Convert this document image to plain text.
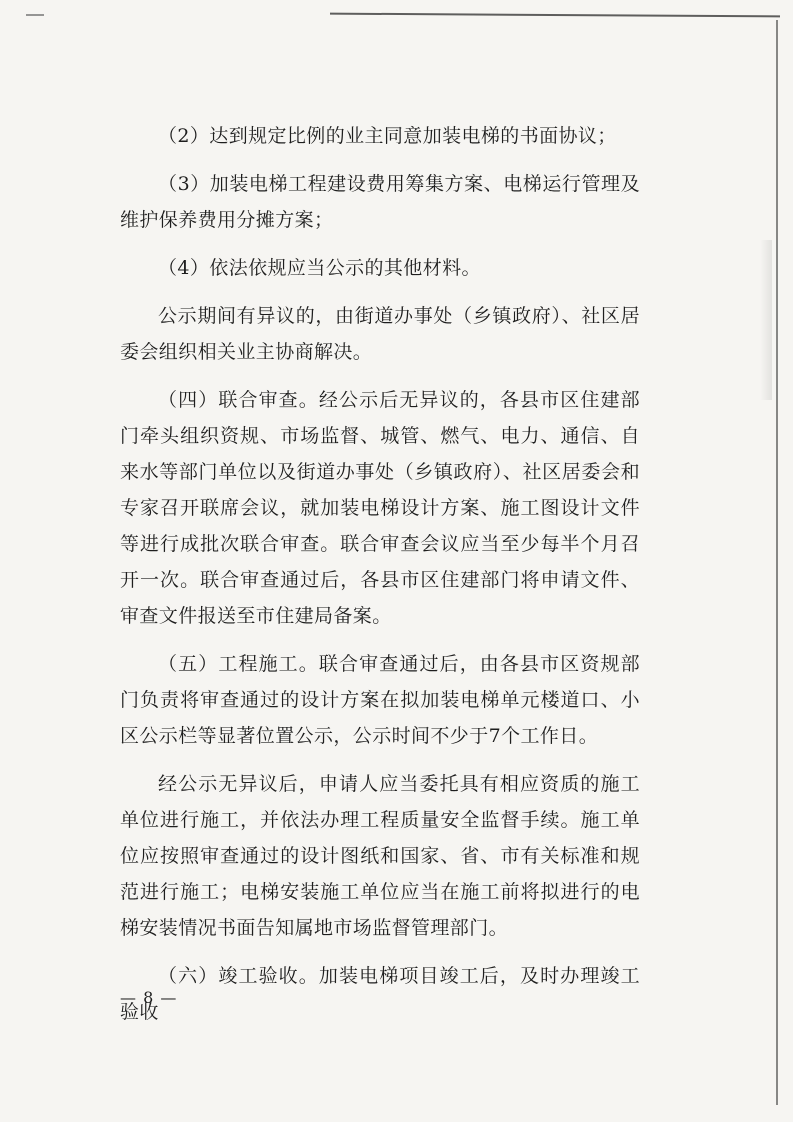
（2）达到规定比例的业主同意加装电梯的书面协议；

（3）加装电梯工程建设费用筹集方案、电梯运行管理及维护保养费用分摊方案；

（4）依法依规应当公示的其他材料。

公示期间有异议的，由街道办事处（乡镇政府）、社区居委会组织相关业主协商解决。

（四）联合审查。经公示后无异议的，各县市区住建部门牵头组织资规、市场监督、城管、燃气、电力、通信、自来水等部门单位以及街道办事处（乡镇政府）、社区居委会和专家召开联席会议，就加装电梯设计方案、施工图设计文件等进行成批次联合审查。联合审查会议应当至少每半个月召开一次。联合审查通过后，各县市区住建部门将申请文件、审查文件报送至市住建局备案。

（五）工程施工。联合审查通过后，由各县市区资规部门负责将审查通过的设计方案在拟加装电梯单元楼道口、小区公示栏等显著位置公示，公示时间不少于7个工作日。

经公示无异议后，申请人应当委托具有相应资质的施工单位进行施工，并依法办理工程质量安全监督手续。施工单位应按照审查通过的设计图纸和国家、省、市有关标准和规范进行施工；电梯安装施工单位应当在施工前将拟进行的电梯安装情况书面告知属地市场监督管理部门。

（六）竣工验收。加装电梯项目竣工后，及时办理竣工验收

— 8 —
